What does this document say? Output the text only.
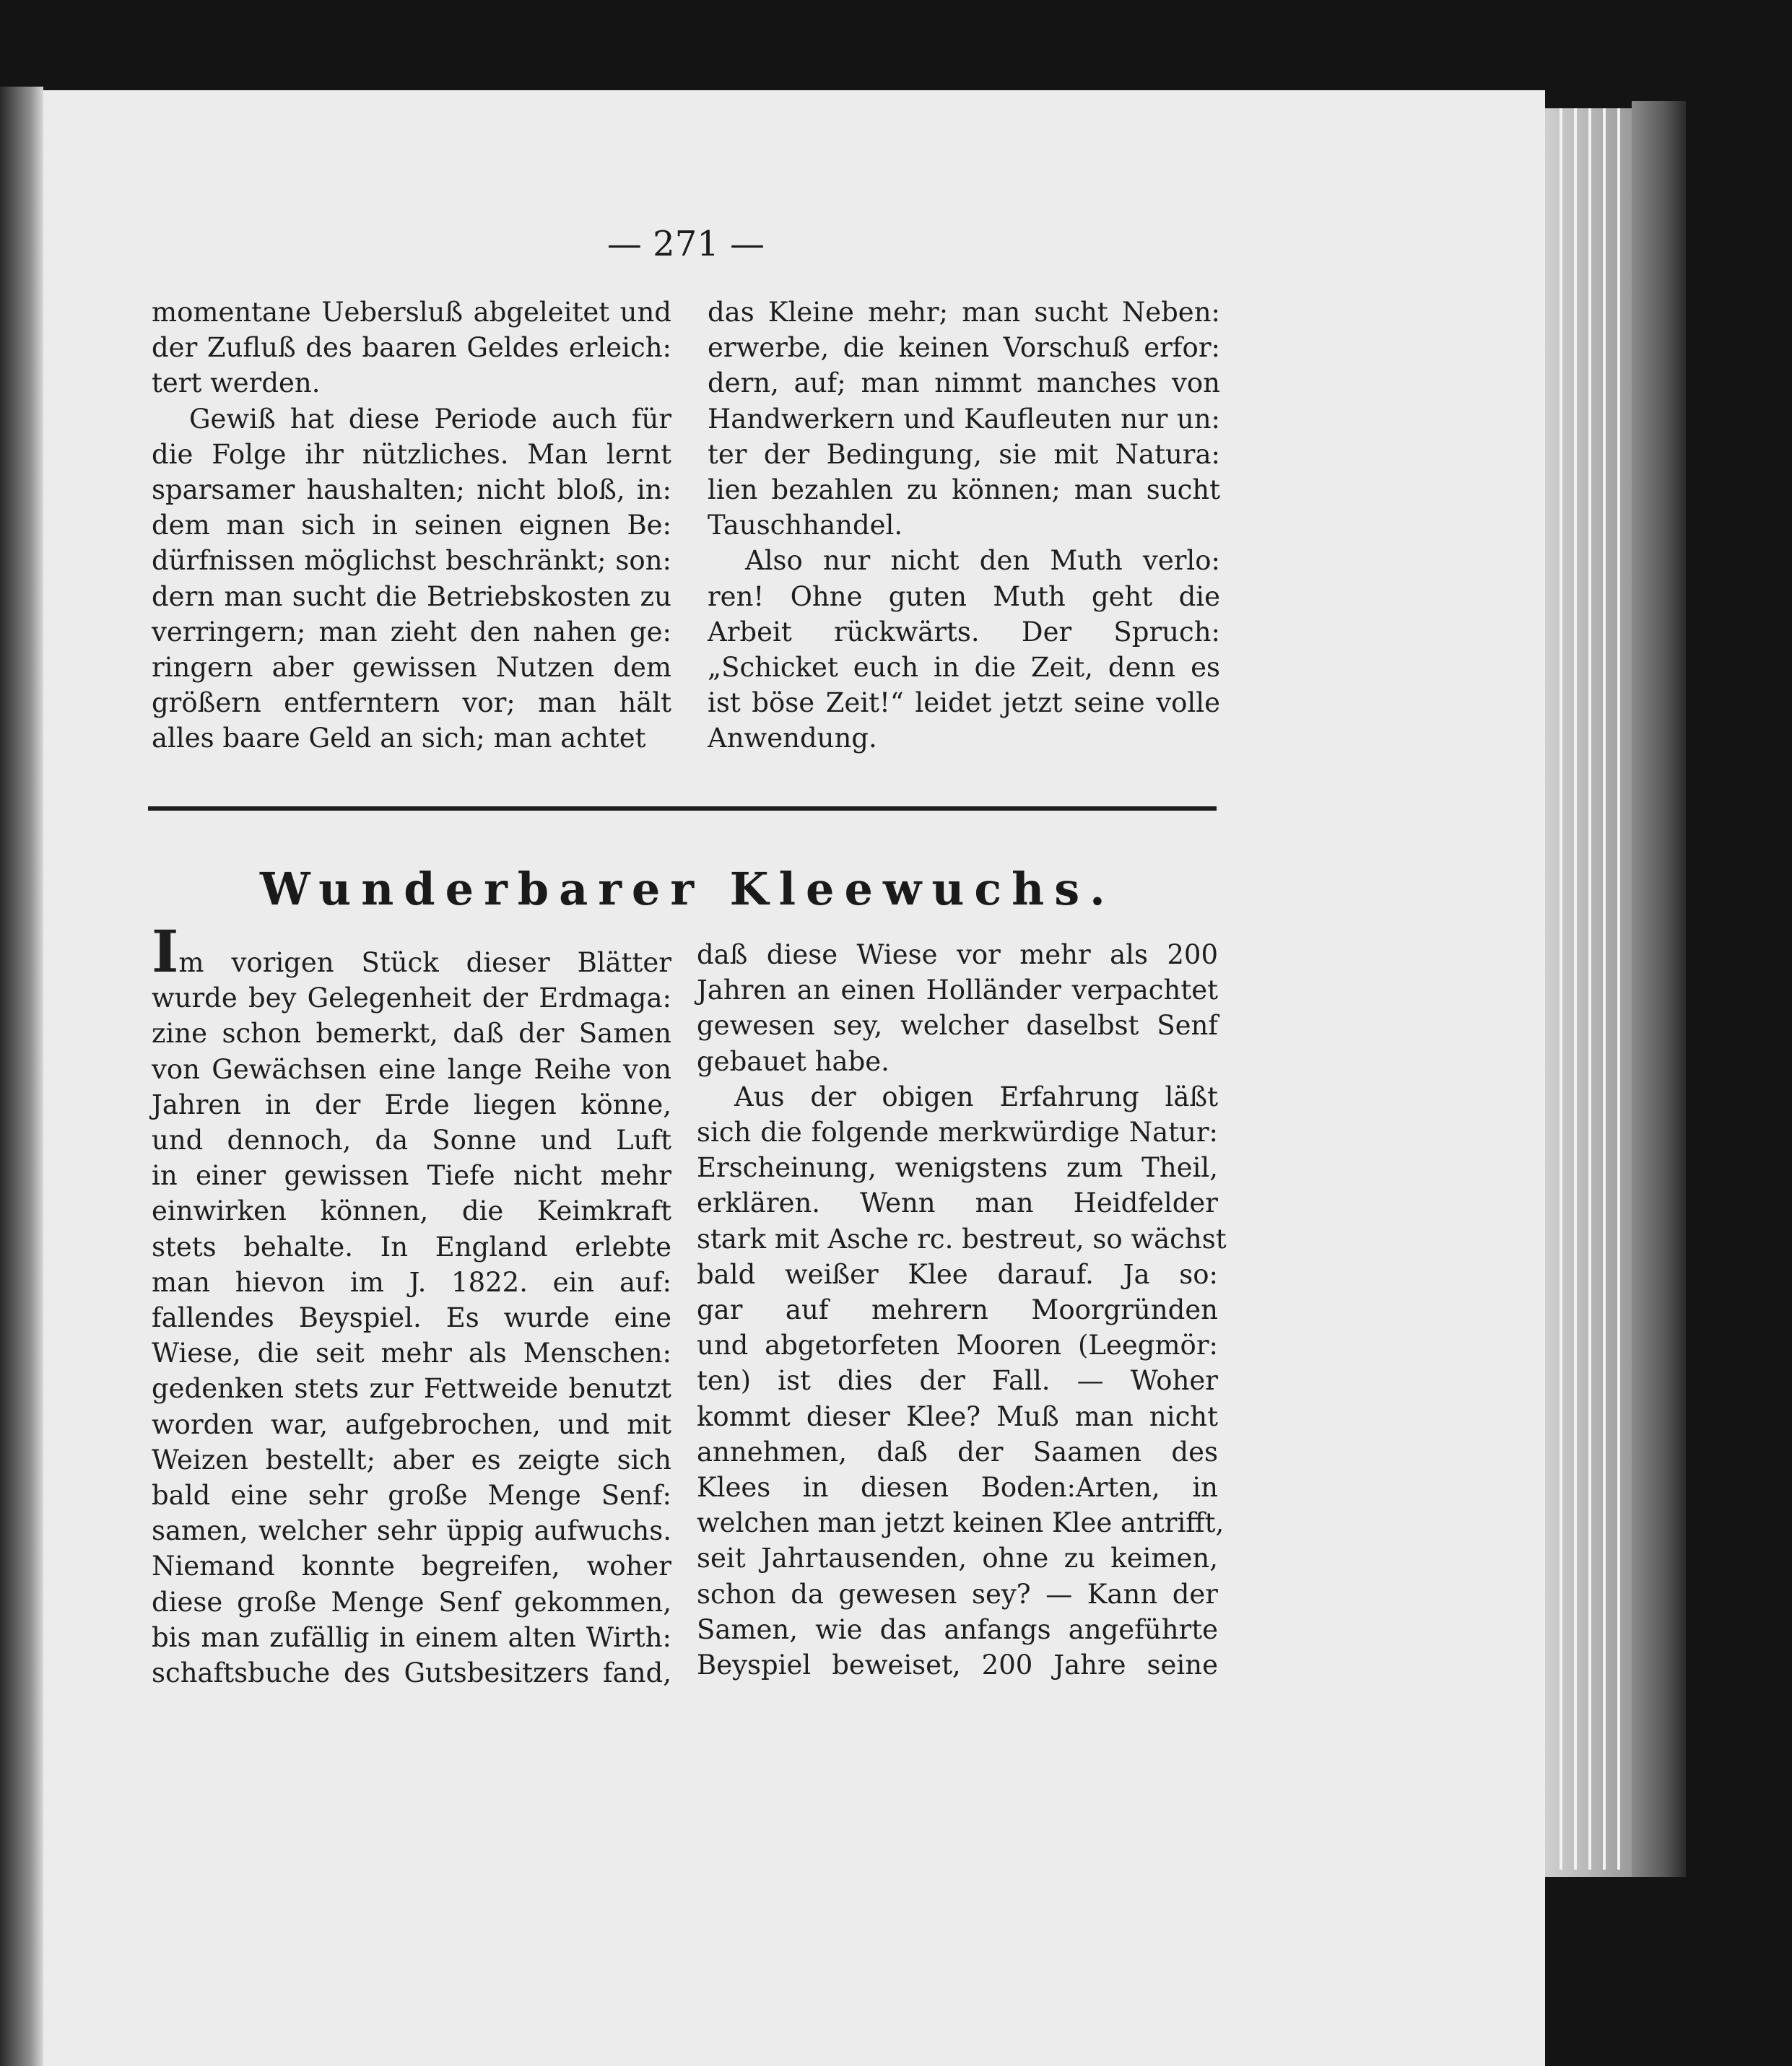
— 271 —
momentane Uebersluß abgeleitet und
der Zufluß des baaren Geldes erleich:
tert werden.
Gewiß hat diese Periode auch für
die Folge ihr nützliches. Man lernt
sparsamer haushalten; nicht bloß, in:
dem man sich in seinen eignen Be:
dürfnissen möglichst beschränkt; son:
dern man sucht die Betriebskosten zu
verringern; man zieht den nahen ge:
ringern aber gewissen Nutzen dem
größern entferntern vor; man hält
alles baare Geld an sich; man achtet
das Kleine mehr; man sucht Neben:
erwerbe, die keinen Vorschuß erfor:
dern, auf; man nimmt manches von
Handwerkern und Kaufleuten nur un:
ter der Bedingung, sie mit Natura:
lien bezahlen zu können; man sucht
Tauschhandel.
Also nur nicht den Muth verlo:
ren! Ohne guten Muth geht die
Arbeit rückwärts. Der Spruch:
„Schicket euch in die Zeit, denn es
ist böse Zeit!“ leidet jetzt seine volle
Anwendung.
Wunderbarer Kleewuchs.
Im vorigen Stück dieser Blätter
wurde bey Gelegenheit der Erdmaga:
zine schon bemerkt, daß der Samen
von Gewächsen eine lange Reihe von
Jahren in der Erde liegen könne,
und dennoch, da Sonne und Luft
in einer gewissen Tiefe nicht mehr
einwirken können, die Keimkraft
stets behalte. In England erlebte
man hievon im J. 1822. ein auf:
fallendes Beyspiel. Es wurde eine
Wiese, die seit mehr als Menschen:
gedenken stets zur Fettweide benutzt
worden war, aufgebrochen, und mit
Weizen bestellt; aber es zeigte sich
bald eine sehr große Menge Senf:
samen, welcher sehr üppig aufwuchs.
Niemand konnte begreifen, woher
diese große Menge Senf gekommen,
bis man zufällig in einem alten Wirth:
schaftsbuche des Gutsbesitzers fand,
daß diese Wiese vor mehr als 200
Jahren an einen Holländer verpachtet
gewesen sey, welcher daselbst Senf
gebauet habe.
Aus der obigen Erfahrung läßt
sich die folgende merkwürdige Natur:
Erscheinung, wenigstens zum Theil,
erklären. Wenn man Heidfelder
stark mit Asche rc. bestreut, so wächst
bald weißer Klee darauf. Ja so:
gar auf mehrern Moorgründen
und abgetorfeten Mooren (Leegmör:
ten) ist dies der Fall. — Woher
kommt dieser Klee? Muß man nicht
annehmen, daß der Saamen des
Klees in diesen Boden:Arten, in
welchen man jetzt keinen Klee antrifft,
seit Jahrtausenden, ohne zu keimen,
schon da gewesen sey? — Kann der
Samen, wie das anfangs angeführte
Beyspiel beweiset, 200 Jahre seine
